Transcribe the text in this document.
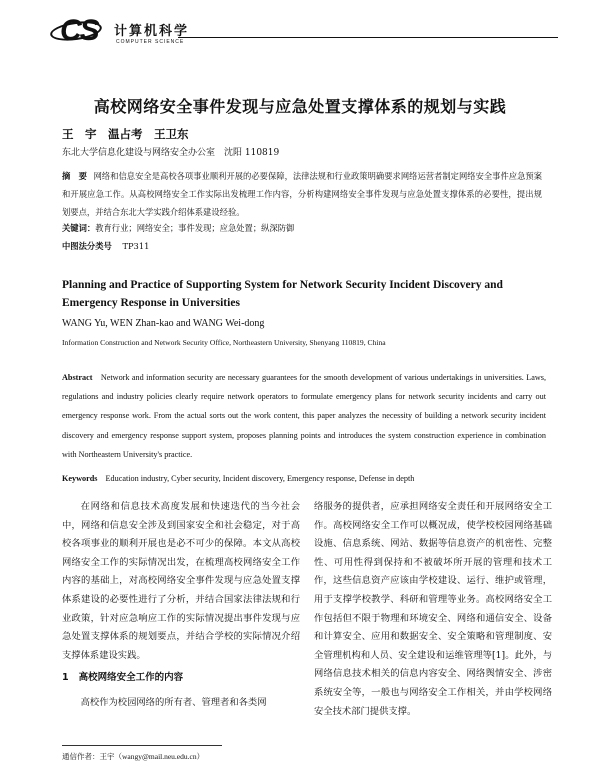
CS 计算机科学
COMPUTER SCIENCE
高校网络安全事件发现与应急处置支撑体系的规划与实践
王　宇　温占考　王卫东
东北大学信息化建设与网络安全办公室　沈阳 110819
摘　要 网络和信息安全是高校各项事业顺利开展的必要保障，法律法规和行业政策明确要求网络运营者制定网络安全事件应急预案和开展应急工作。从高校网络安全工作实际出发梳理工作内容，分析构建网络安全事件发现与应急处置支撑体系的必要性，提出规划要点，并结合东北大学实践介绍体系建设经验。
关键词：教育行业；网络安全；事件发现；应急处置；纵深防御
中图法分类号 TP311
Planning and Practice of Supporting System for Network Security Incident Discovery and Emergency Response in Universities
WANG Yu, WEN Zhan-kao and WANG Wei-dong
Information Construction and Network Security Office, Northeastern University, Shenyang 110819, China
Abstract Network and information security are necessary guarantees for the smooth development of various undertakings in universities. Laws, regulations and industry policies clearly require network operators to formulate emergency plans for network security incidents and carry out emergency response work. From the actual sorts out the work content, this paper analyzes the necessity of building a network security incident discovery and emergency response support system, proposes planning points and introduces the system construction experience in combination with Northeastern University's practice.
Keywords Education industry, Cyber security, Incident discovery, Emergency response, Defense in depth

在网络和信息技术高度发展和快速迭代的当今社会中，网络和信息安全涉及到国家安全和社会稳定，对于高校各项事业的顺利开展也是必不可少的保障。本文从高校网络安全工作的实际情况出发，在梳理高校网络安全工作内容的基础上，对高校网络安全事件发现与应急处置支撑体系建设的必要性进行了分析，并结合国家法律法规和行业政策，针对应急响应工作的实际情况提出事件发现与应急处置支撑体系的规划要点，并结合学校的实际情况介绍支撑体系建设实践。

1 高校网络安全工作的内容

高校作为校园网络的所有者、管理者和各类网

络服务的提供者，应承担网络安全责任和开展网络安全工作。高校网络安全工作可以概况成，使学校校园网络基础设施、信息系统、网站、数据等信息资产的机密性、完整性、可用性得到保持和不被破坏所开展的管理和技术工作，这些信息资产应该由学校建设、运行、维护或管理，用于支撑学校教学、科研和管理等业务。高校网络安全工作包括但不限于物理和环境安全、网络和通信安全、设备和计算安全、应用和数据安全、安全策略和管理制度、安全管理机构和人员、安全建设和运维管理等[1]。此外，与网络信息技术相关的信息内容安全、网络舆情安全、涉密系统安全等，一般也与网络安全工作相关，并由学校网络安全技术部门提供支撑。

通信作者：王宇（wangy@mail.neu.edu.cn）
